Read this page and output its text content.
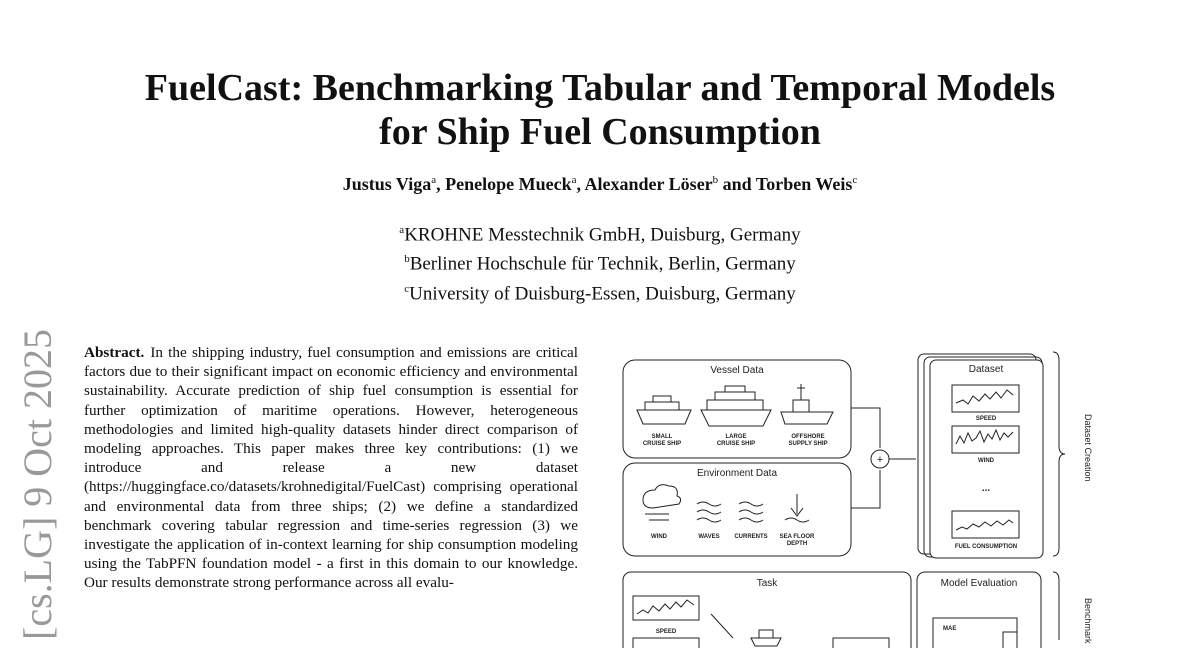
FuelCast: Benchmarking Tabular and Temporal Models
for Ship Fuel Consumption
Justus Viga$^a$, Penelope Mueck$^a$, Alexander Löser$^b$ and Torben Weis$^c$
$^a$KROHNE Messtechnik GmbH, Duisburg, Germany
$^b$Berliner Hochschule für Technik, Berlin, Germany
$^c$University of Duisburg-Essen, Duisburg, Germany
[cs.LG] 9 Oct 2025 Abstract. In the shipping industry, fuel consumption and emissions are critical factors due to their significant impact on economic efficiency and environmental sustainability. Accurate prediction of ship fuel consumption is essential for further optimization of maritime operations. However, heterogeneous methodologies and limited high-quality datasets hinder direct comparison of modeling approaches. This paper makes three key contributions: (1) we introduce and release a new dataset (https://huggingface.co/datasets/krohnedigital/FuelCast) comprising operational and environmental data from three ships; (2) we define a standardized benchmark covering tabular regression and time-series regression (3) we investigate the application of in-context learning for ship consumption modeling using the TabPFN foundation model - a first in this domain to our knowledge. Our results demonstrate strong performance across all evalu-
Vessel Data
Environment Data
+
Dataset
Task	Model Evaluation
SMALL CRUISE SHIP
LARGE CRUISE SHIP
OFFSHORE SUPPLY SHIP
WIND	WAVES CURRENTS SEA FLOOR DEPTH
SPEED
WIND
...
FUEL CONSUMPTION
SPEED	MAE
Dataset Creation
Benchmark
